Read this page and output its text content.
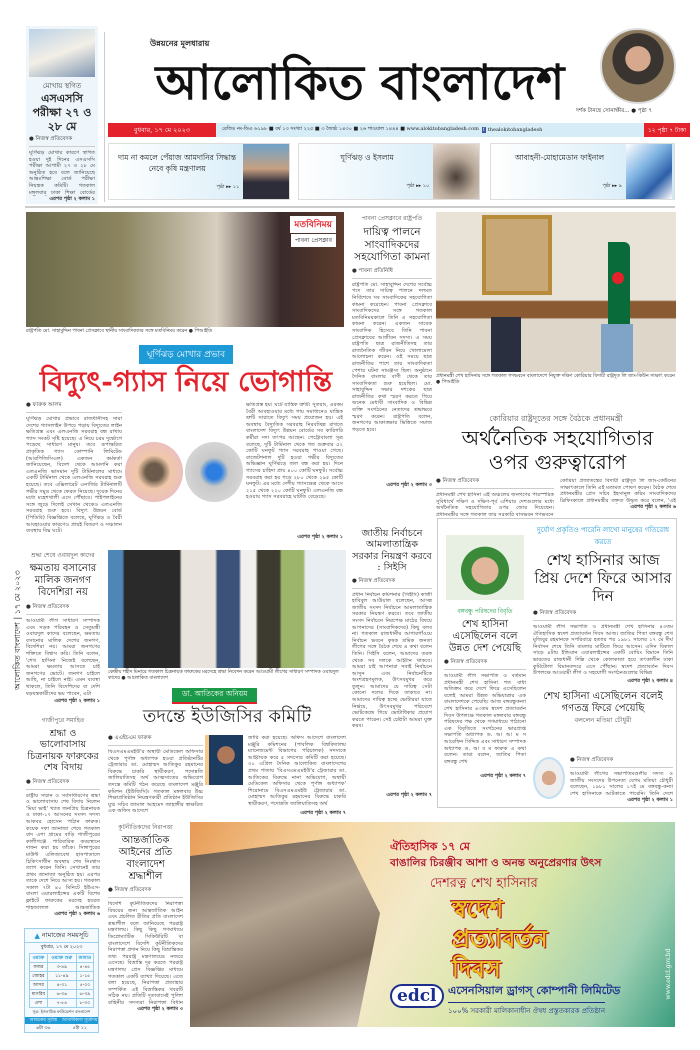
মোখায় স্থগিত
এসএসসি পরীক্ষা ২৭ ও ২৮ মে
● নিজস্ব প্রতিবেদক
ঘূর্ণিঝড় মোখার কারণে স্থগিত হওয়া দুই দিনের এসএসসি পরীক্ষা আগামী ২৭ ও ২৮ মে অনুষ্ঠিত হবে বলে জানিয়েছে আন্তঃশিক্ষা বোর্ড পরীক্ষা নিয়ন্ত্রক কমিটি। গতকাল মঙ্গলবার ঢাকা শিক্ষা বোর্ডের
এরপর পৃষ্ঠা ২ কলাম ১
উন্নয়নের মূলধারায়
আলোকিত বাংলাদেশ	দর্শক টানছে সোনাক্ষীর... ● পৃষ্ঠা ৭
বুধবার, ১৭ মে ২০২৩	রেজিঃ নং-ডিএ ৬১৯৮ ■ বর্ষ ১৩ সংখ্যা ২২৫ ■ ৩ জ্যৈষ্ঠ ১৪৩০ ■ ২৬ শাওয়াল ১৪৪৪ ■ www.alokitobangladesh.com f thealokitobangladesh	১২ পৃষ্ঠা ৭ টাকা
দাম না কমলে পেঁয়াজ আমদানির সিদ্ধান্ত নেবে কৃষি মন্ত্রণালয়
পৃষ্ঠা ▸▸ ১১
ঘূর্ণিঝড় ও ইসলাম
পৃষ্ঠা ▸▸ ১০
আবাহনী-মোহামেডান ফাইনাল
পৃষ্ঠা ▸▸ ৯
মতবিনিময়
পাবনা প্রেসক্লাব
রাষ্ট্রপতি মো. সাহাবুদ্দিন পাবনা প্রেসক্লাবে স্থানীয় সাংবাদিকদের সঙ্গে মতবিনিময় করেন ● পিআইডি
পাবনা প্রেসক্লাবে রাষ্ট্রপতি
দায়িত্ব পালনে সাংবাদিকদের সহযোগিতা কামনা
● পাবনা প্রতিনিধি
রাষ্ট্রপতি মো. সাহাবুদ্দিন দেশের সর্বোচ্চ পদে তার দায়িত্ব পালনে দলমত নির্বিশেষে সব সাংবাদিকের সহযোগিতা কামনা করেছেন। পাবনা প্রেসক্লাবে সাংবাদিকদের সঙ্গে গতকাল মতবিনিময়কালে তিনি এ সহযোগিতা কামনা করেন। একজন সাবেক সাংবাদিক হিসেবে তিনি পাবনা প্রেসক্লাবের আজীবন সদস্য। এ সময় রাষ্ট্রপতি ছাত্র রাজনীতিসহ তার রাজনৈতিক জীবন নিয়ে খোলামেলা আলোচনা করেন। ওই সময়ে ছাত্র রাজনীতির পাশে তার সাংবাদিকতা পেশার ঘটনা সামঞ্জস্য ছিল। অনুষ্ঠানে দৈনিক বাংলার বাণী থেকে তার সাংবাদিকতা শুরু হয়েছিল। মো. সাহাবুদ্দিন সভার দশকের ছাত্র রাজনীতির কথা স্মরণ করতে গিয়ে অনেক মেধাবী সাংবাদিক ও বিভিন্ন ব্যক্তি সংগঠনের নেতাদের শ্রদ্ধাভরে স্মরণ করেন। রাষ্ট্রপতি বলেন, জনগণের আকাঙ্ক্ষার ভিত্তিতে সমাজ গড়তে হবে।
এরপর পৃষ্ঠা ২ কলাম ৩
প্রধানমন্ত্রী শেখ হাসিনার সঙ্গে গতকাল গণভবনে বাংলাদেশে নিযুক্ত দক্ষিণ কোরিয়ার বিদায়ী রাষ্ট্রদূত লি জাং-কিউন সাক্ষাৎ করেন ● পিআইডি
কোরিয়ার রাষ্ট্রদূতের সঙ্গে বৈঠকে প্রধানমন্ত্রী
অর্থনৈতিক সহযোগিতার ওপর গুরুত্বারোপ
● নিজস্ব প্রতিবেদক
প্রধানমন্ত্রী শেখ হাসিনা এই অঞ্চলের জনগণের পারস্পরিক সুবিধার্থে দক্ষিণ ও দক্ষিণ-পূর্ব এশিয়ার দেশগুলোর মধ্যে অর্থনৈতিক সহযোগিতার ওপর জোর দিয়েছেন। প্রধানমন্ত্রীর সঙ্গে গতকাল তার সরকারি বাসভবন গণভবনে
কোরিয়া প্রজাতন্ত্রের বিদায়ী রাষ্ট্রদূত লি জাং-কেউনের সাক্ষাৎকালে তিনি এই মতামত পোষণ করেন। বৈঠক শেষে প্রধানমন্ত্রীর প্রেস সচিব ইহসানুল করিম সাংবাদিকদের ব্রিফিংকালে প্রধানমন্ত্রীর বক্তব্য উদ্ধৃত করে বলেন, 'এই
এরপর পৃষ্ঠা ২ কলাম ৬
ঘূর্ণিঝড় মোখার প্রভাব
বিদ্যুৎ-গ্যাস নিয়ে ভোগান্তি
● ফারুক আলম
ঘূর্ণিঝড় মোখার প্রভাবে রাজধানীসহ সারা দেশের গ্যাসলাইন উপচে পড়ায় বিদ্যুতের লাইন ক্ষতিগ্রস্ত এবং এলএনজি সরবরাহ বন্ধ রাখায় গ্যাস সংকট সৃষ্টি হয়েছে। এ নিয়ে চরম দুর্ভোগে পড়েছে সাধারণ মানুষ। তবে রূপান্তরিত প্রাকৃতিক গ্যাস কোম্পানি লিমিটেড (আরপিজিসিএল) একজন কর্মকর্তা জানিয়েছেন, বিদেশ থেকে আমদানি করা এলএনজি ভাসমান দুটি টার্মিনালের মাধ্যমে একটি টার্মিনাল থেকে এলএনজি সরবরাহ শুরু হয়েছে। তবে এক্সিলারেট এনার্জির টার্মিনালটি গভীর সমুদ্র থেকে ফেরত নিয়েছে। দুয়েক দিনের মধ্যে মহেশখালী এসে পৌঁছাবে। পাইপলাইনের সঙ্গে জুড়ে দিলেই সেখান থেকেও এলএনজি সরবরাহ শুরু হবে। বিদ্যুৎ উন্নয়ন বোর্ড (পিডিবি) বিজ্ঞপ্তিতে বলেছে, ঘূর্ণিঝড় ও বৈরী আবহাওয়ার কারণেও প্রায়ই বিতরণ ও সঞ্চালন ব্যবস্থায় বিঘ্ন ঘটে।
ক্ষতিগ্রস্ত হয়। ঘটে যান্ত্রিক ত্রুটি। সুতরাং, এরকম বৈরী আবহাওয়ার মধ্যে গায় সমাধানেও যান্ত্রিক ত্রুটি সারাতে বিদ্যুৎ সময় প্রয়োজন হয়। এই অবস্থায় বৈদ্যুতিক সরবরাহ নিরবচ্ছিন্ন রাখতে বাংলাদেশ বিদ্যুৎ উন্নয়ন বোর্ডের সব কারিগরি কর্মীরা সদা তৎপর আছেন। পেট্রোবাংলা সূত্র বলেছে, দুটি টার্মিনাল থেকে গত শুক্রবার ৫২ কোটি ঘনফুট গ্যাস সরবরাহ পাওয়া গেছে। বাজেটশনাল দুটি হওয়া গভীর বিদ্যুতের অভিজ্ঞান ঘূর্ণিঝড়ে জল বন্ধ করা হয়। দিনে গ্যাসের চাহিদা প্রায় ৪০০ কোটি ঘনফুট। সর্বোচ্চ সরবরাহ করা হয় গড়ে ২৮০ থেকে ২৯৫ কোটি ঘনফুট। এর মধ্যে দেশীয় গ্যাসক্ষেত্র থেকে আসে ২১৫ থেকে ২২০ কোটি ঘনফুট। এলএনজি বন্ধ হওয়ায় গ্যাস সরবরাহে ঘাটতি বেড়েছে।
এরপর পৃষ্ঠা ২ কলাম ১
আলোকিত বাংলাদেশ | ১৭ মে ২০২৩
শ্রদ্ধা শেষে ওবায়দুল কাদের
ক্ষমতায় বসানোর মালিক জনগণ বিদেশিরা নয়
● নিজস্ব প্রতিবেদক
আওয়ামী লীগ সাধারণ সম্পাদক এবং সড়ক পরিবহন ও সেতুমন্ত্রী ওবায়দুল কাদের বলেছেন, ক্ষমতায় বসানোর মালিক দেশের জনগণ, বিদেশিরা নয়। আমরা জনগণের শক্তিতে বিশ্বাস করি। তিনি বলেন, 'শেখ হাসিনা নিজেই বলেছেন, আমরা ক্ষমতায় আসতে চাই জনগণের ভোটে। জনগণ চাইলে আছি, না চাইলে নাই। এমন ব্যবস্থা থাকলে, তিনি বিদেশিদের বা দেশি ষড়যন্ত্রকারীদের ভয় পাবেন, এটা
এরপর পৃষ্ঠা ২ কলাম ১
গাজীপুরে সমাহিত
শ্রদ্ধা ও ভালোবাসায় চিত্রনায়ক ফারুকের শেষ বিদায়
● নিজস্ব প্রতিবেদক
রাষ্ট্রীয় সম্মান ও সর্বসাধারণের শ্রদ্ধা ও ভালোবাসায় শেষ বিদায় নিলেন 'মিয়া ভাই' খ্যাত জনপ্রিয় চিত্রনায়ক ও ঢাকা-১৭ আসনের সংসদ সদস্য আকবর হোসেন পাঠান ফারুক। কয়েক দফা জানাজা শেষে গতকাল বাদ এশা গ্রামের বাড়ি গাজীপুরের কালীগঞ্জে পারিবারিক কবরস্থানে দাফন করা হয় তাঁকে। সিঙ্গাপুরের মাউন্ট এলিজাবেথ হাসপাতালে চিকিৎসাধীন অবস্থায় শেষ নিঃশ্বাস ত্যাগ করেন তিনি। সেখানেই তার প্রথম জানাজা অনুষ্ঠিত হয়। এরপর তাকে দেশে নিয়ে আসা হয়। গতকাল সকাল ৭টা ৪০ মিনিটে ইউএস-বাংলা এয়ারলাইন্সের একটি বিশেষ ফ্লাইটে ফারুকের মরদেহ হযরত শাহজালাল আন্তর্জাতিক
এরপর পৃষ্ঠা ২ কলাম ৬
কেন্দ্রীয় শহীদ মিনারে গতকাল চিত্রনায়ক ফারুকের মরদেহে শ্রদ্ধা নিবেদন করেন আওয়ামী লীগের সাধারণ সম্পাদক ওবায়দুল কাদের ● আলোকিত বাংলাদেশ
ডা. আতিকের অনিয়ম
তদন্তে ইউজিসির কমিটি
● এএইচএম ফারুক
বিএসএমএমইউ'র অস্থায়ী মেডিকেল অফিসার থেকে পূর্ণাঙ্গ অধ্যাপক হওয়া প্রতিষ্ঠানটির ট্রেজারার ডা. মোহাম্মদ আতিকুর রহমানের বিরুদ্ধে চাকরি স্থায়ীকরণ, পদোন্নতি জালিয়াতিসহ অর্থ আত্মসাতের অভিযোগ তদন্তে কমিটি গঠন করেছে বাংলাদেশ মঞ্জুরি কমিশন (ইউজিসি)। গতকাল মঙ্গলবার উচ্চ শিক্ষাপ্রতিষ্ঠান নিয়ন্ত্রণকারী প্রতিষ্ঠান ইউজিসির যুগ্ম সচিব জামাল আহমেদ জাহাঙ্গীর স্বাক্ষরিত এক অফিস আদেশে
জারি করা হয়েছে। অফিস আদেশে বাংলাদেশ মঞ্জুরি কমিশনের (পাবলিক বিশ্ববিদ্যালয় ম্যানেজমেন্ট বিভাগের পরিচালক) সদস্যকে আহ্বায়ক করে ৫ সদস্যের কমিটি করা হয়েছে। ৩০ এপ্রিল দৈনিক আলোকিত বাংলাদেশের প্রথম পাতায় 'বিএসএমএমইউ'র ট্রেজারার ডা. আতিকের বিরুদ্ধে নানা অভিযোগ, অস্থায়ী মেডিকেল অফিসার থেকে পূর্ণাঙ্গ অধ্যাপক' শিরোনামে বিএসএমএমইউ ট্রেজারার ডা. মোহাম্মদ আতিকুর রহমানের বিরুদ্ধে চাকরি স্থায়ীকরণ, পদোন্নতি জালিয়াতিসহ অর্থ
এরপর পৃষ্ঠা ২ কলাম ৭
জাতীয় নির্বাচনে আমলাতান্ত্রিক সরকার নিয়ন্ত্রণ করবে : সিইসি
● নিজস্ব প্রতিবেদক
প্রধান নির্বাচন কমিশনার (সিইসি) কাজী হাবিবুল আউয়াল বলেছেন, আসন্ন জাতীয় সংসদ নির্বাচনে আমলাতান্ত্রিক সরকার নিয়ন্ত্রণ করবে। তবে জাতীয় সংসদ নির্বাচনে নিরপেক্ষ মাঠের বিষয়ে আপনাদের (সাংবাদিকদের) কিছু বলব না। গতকাল রাজধানীর আগারগাঁওয়ে নির্বাচন ভবনে কৃষক শ্রমিক জনতা লীগের সঙ্গে বৈঠক শেষে এ কথা বলেন তিনি। সিইসি বলেন, আমাদের তরফ থেকে সব দলকে আহ্বান থাকবে। আমরা চাই আপনারা সবাই নির্বাচনে আসুন এবং নির্বাচনটিকে অংশগ্রহণমূলক, উৎসবমুখর করে তুলুন। আমাদের যে দায়িত্ব সেটা কোনো দলের দিকে তাকাবে না। আমাদের দায়িত্ব হচ্ছে ভোটাররা যাতে নির্ভয়ে, উৎসবমুখর পরিবেশে ভোটকেন্দ্রে গিয়ে ভোটাধিকার প্রয়োগ করতে পারেন। সেই চেষ্টাটা আমরা যুক্ত করব।
এরপর পৃষ্ঠা ২ কলাম ৭
বঙ্গবন্ধু পরিষদের বিবৃতি
শেখ হাসিনা এসেছিলেন বলে উন্নত দেশ পেয়েছি
● নিজস্ব প্রতিবেদক
আওয়ামী লীগ সভাপতি ও বর্তমান প্রধানমন্ত্রী শেখ হাসিনা শত বাধা অতিক্রম করে দেশে ফিরে এসেছিলেন বলেই আমরা উন্নত অভিযাত্রার এক বাংলাদেশকে পেয়েছি। আজ বঙ্গবন্ধুকন্যা শেখ হাসিনার ৪৩তম স্বদেশ প্রত্যাবর্তন দিবস উপলক্ষে গতকাল মঙ্গলবার বঙ্গবন্ধু পরিষদের পক্ষ থেকে গণমাধ্যমে পাঠানো এক বিবৃতিতে সংগঠনের ভারপ্রাপ্ত সভাপতি অধ্যাপক ড. আ আ ম স আরেফিন সিদ্দিক এবং সাধারণ সম্পাদক অধ্যাপক ড. আ ব ম ফারুক এ কথা বলেন। তারা বলেন, জাতির পিতা বঙ্গবন্ধু শেখ
এরপর পৃষ্ঠা ২ কলাম ৭
দুর্যোগ প্রকৃতিও পারেনি লাখো মানুষের গতিরোধ করতে
শেখ হাসিনার আজ প্রিয় দেশে ফিরে আসার দিন
● নিজস্ব প্রতিবেদক
আওয়ামী লীগ সভাপতি ও প্রধানমন্ত্রী শেখ হাসিনার ৪৩তম ঐতিহাসিক স্বদেশ প্রত্যাবর্তন দিবস আজ। জাতির পিতা বঙ্গবন্ধু শেখ মুজিবুর রহমানকে সপরিবারে হত্যার পর ১৯৮১ সালের ১৭ মে দীর্ঘ নির্বাসন শেষে তিনি বাংলার মাটিতে ফিরে আসেন। এদিন বিকাল সাড়ে ৪টায় ইন্ডিয়ান এয়ারলাইন্সের একটি বোয়িং বিমানে তিনি ভারতের রাজধানী দিল্লি থেকে কোলকাতা হয়ে তৎকালীন ঢাকা কুর্মিটোলা বিমানবন্দরে এসে পৌঁছান। স্বদেশ প্রত্যাবর্তন দিবস উপলক্ষে আওয়ামী লীগ ও সহযোগী সংগঠনগুলোর বিভিন্ন
এরপর পৃষ্ঠা ২ কলাম ৪
শেখ হাসিনা এসেছিলেন বলেই গণতন্ত্র ফিরে পেয়েছি
বললেন মতিয়া চৌধুরী
● নিজস্ব প্রতিবেদক
আওয়ামী লীগের সভাপতিমণ্ডলীর সদস্য ও জাতীয় সংসদের উপনেতা বেগম মতিয়া চৌধুরী বলেছেন, ১৯৮১ সালের ১৭ই মে বঙ্গবন্ধু-কন্যা শেখ হাসিনাকে আটকাতে পারেনি। তিনি দেশে
এরপর পৃষ্ঠা ২ কলাম ১
কূটনীতিকদের নিরাপত্তা
আন্তর্জাতিক আইনের প্রতি বাংলাদেশ শ্রদ্ধাশীল
● নিজস্ব প্রতিবেদক
বিদেশি কূটনীতিকদের নিরাপত্তা বিষয়ের জন্য আন্তর্জাতিক আইন এবং প্রচলিত রীতির প্রতি বাংলাদেশ শ্রদ্ধাশীল বলে জানিয়েছে পররাষ্ট্র মন্ত্রণালয়। কিছু কিছু গণমাধ্যমে ডিপ্লোম্যাটিক সিকিউরিটি বা বাংলাদেশে বিদেশি কূটনীতিকদের নিরাপত্তা প্রদান নিয়ে কিছু বিভ্রান্তিকর তথ্য পররাষ্ট্র মন্ত্রণালয়ের নজরে এসেছে। বিভ্রান্তি দূর করতে পররাষ্ট্র মন্ত্রণালয় প্রেস বিজ্ঞপ্তির মাধ্যমে গতকাল একটি ব্যাখ্যা দিয়েছে। এতে বলা হয়েছে, নিরাপত্তা প্রত্যাহার সম্পর্কিত এই বিভ্রান্তিকর খবরটি সঠিক নয়। প্রতিটি দূতাবাসেই পুলিশ বাহিনীর সদস্যরা নিরাপত্তা বিধান
এরপর পৃষ্ঠা ২ কলাম ৩
▲ নামাজের সময়সূচি
বুধবার, ১৭ মে ২০২৩
ওয়াক্ত	ওয়াক্ত শুরু	জামাত
ফজর	৩-৪৯	৪-৪৫
জোহর	১১-৪৯	১-১৫
আসর	৪-৩১	৫-০০
মাগরিব	৬-৩৬	৬-৩৯
এশা	৭-৫৪	৮-৩০
সূত্র: ইসলামিক ফাউন্ডেশন বাংলাদেশ
আজকের সূর্যাস্ত	আগামীকাল সূর্যোদয়
৬টা ৩৬	৫টা ১১
ঐতিহাসিক ১৭ মে
বাঙালির চিরঞ্জীব আশা ও অনন্ত অনুপ্রেরণার উৎস
দেশরত্ন শেখ হাসিনার
স্বদেশ প্রত্যাবর্তন দিবস
edcl	এসেনসিয়াল ড্রাগস্ কোম্পানী লিমিটেড
১০০% সরকারী মালিকানাধীন ঔষধ প্রস্তুতকারক প্রতিষ্ঠান
www.edcl.gov.bd
